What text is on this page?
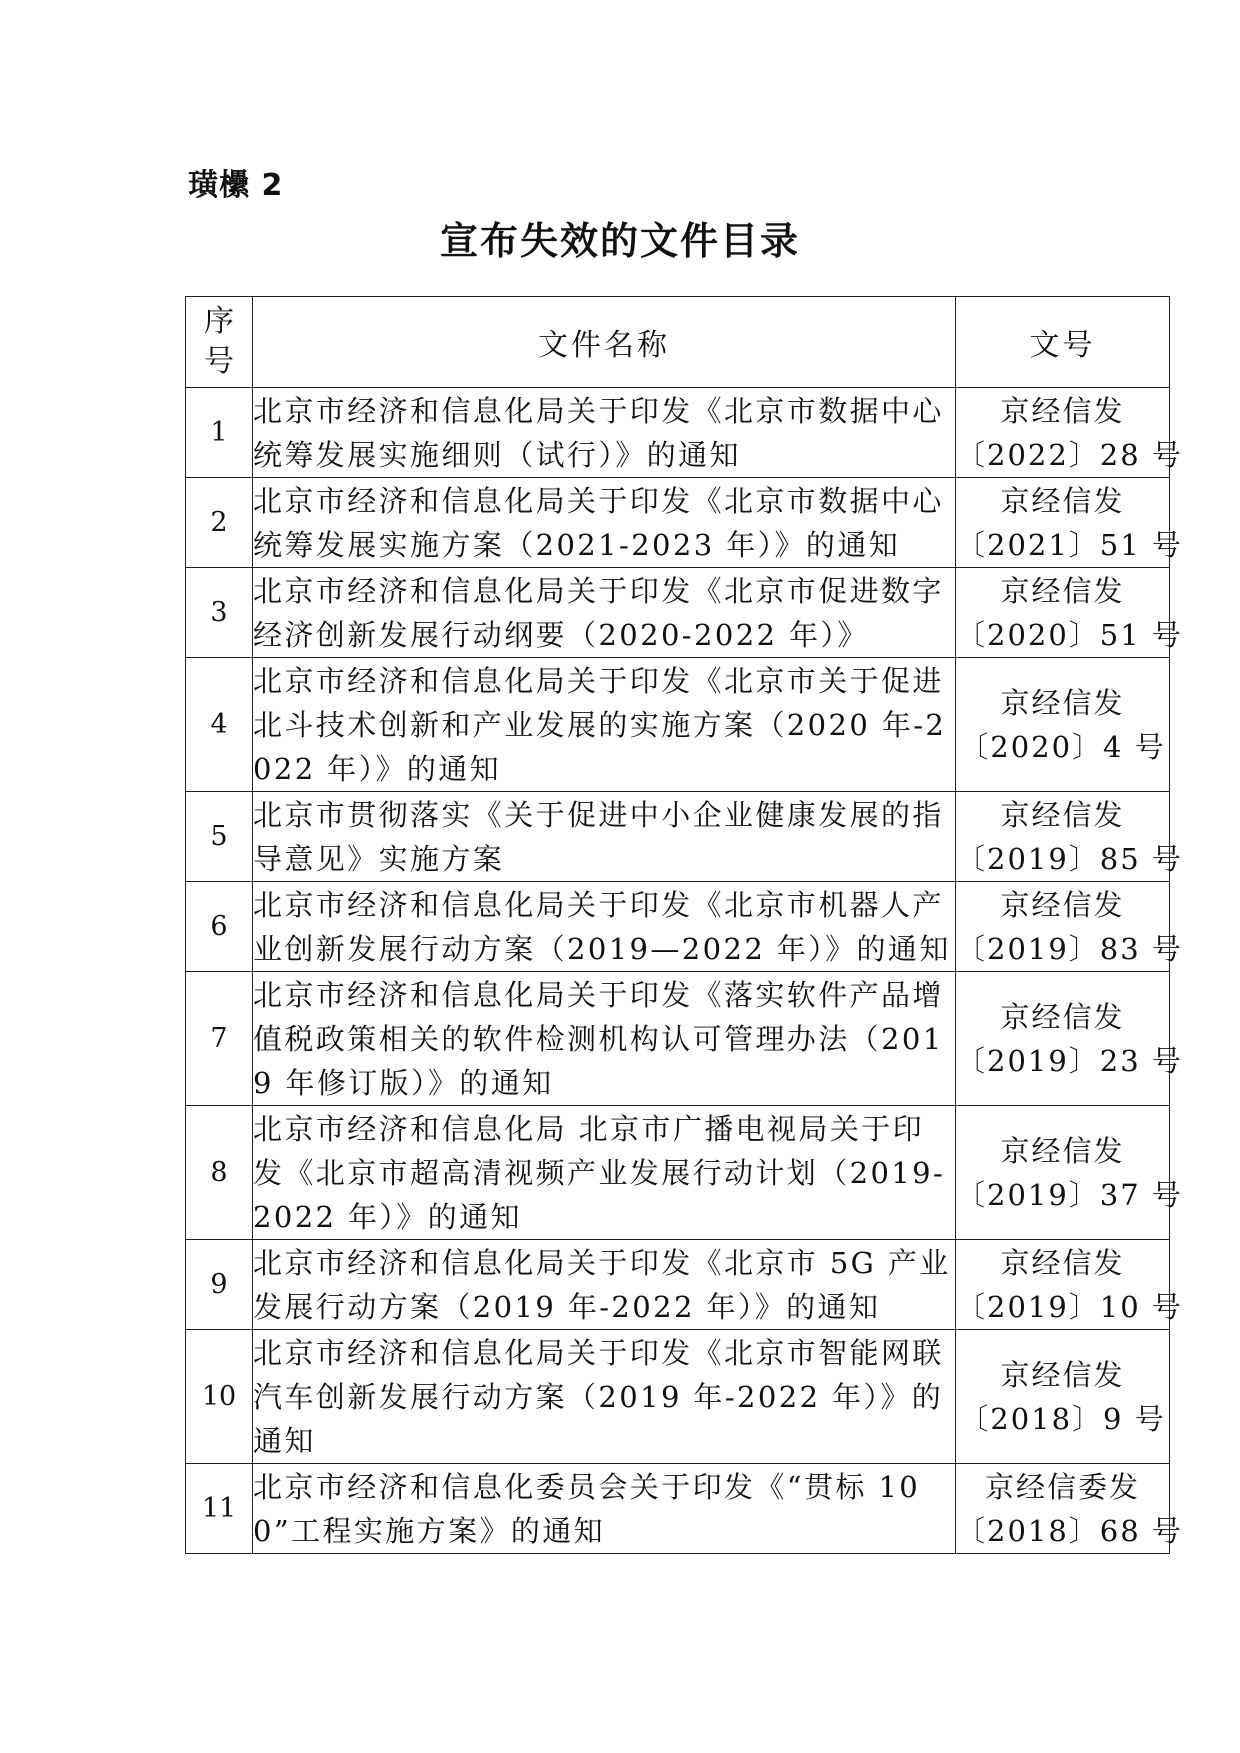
璜欙 2
宣布失效的文件目录
序
号	文件名称	文号
1	北京市经济和信息化局关于印发《北京市数据中心统筹发展实施细则（试行）》的通知	京经信发
〔2022〕28 号

2	北京市经济和信息化局关于印发《北京市数据中心统筹发展实施方案（2021-2023 年）》的通知	京经信发
〔2021〕51 号

3	北京市经济和信息化局关于印发《北京市促进数字经济创新发展行动纲要（2020-2022 年）》	京经信发
〔2020〕51 号

4	北京市经济和信息化局关于印发《北京市关于促进北斗技术创新和产业发展的实施方案（2020 年-2022 年）》的通知	京经信发
〔2020〕4 号

5	北京市贯彻落实《关于促进中小企业健康发展的指导意见》实施方案	京经信发
〔2019〕85 号

6	北京市经济和信息化局关于印发《北京市机器人产业创新发展行动方案（2019—2022 年）》的通知	京经信发
〔2019〕83 号

7	北京市经济和信息化局关于印发《落实软件产品增值税政策相关的软件检测机构认可管理办法（2019 年修订版）》的通知	京经信发
〔2019〕23 号

8	北京市经济和信息化局 北京市广播电视局关于印发《北京市超高清视频产业发展行动计划（2019-2022 年）》的通知	京经信发
〔2019〕37 号

9	北京市经济和信息化局关于印发《北京市 5G 产业发展行动方案（2019 年-2022 年）》的通知	京经信发
〔2019〕10 号

10	北京市经济和信息化局关于印发《北京市智能网联汽车创新发展行动方案（2019 年-2022 年）》的通知	京经信发
〔2018〕9 号

11	北京市经济和信息化委员会关于印发《“贯标 100”工程实施方案》的通知	京经信委发
〔2018〕68 号
